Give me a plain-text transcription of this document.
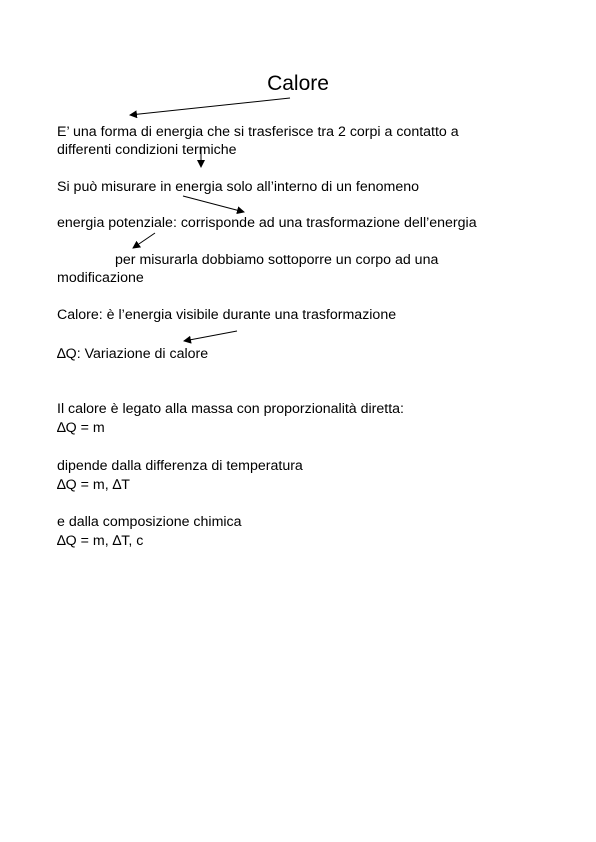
Calore
E’ una forma di energia che si trasferisce tra 2 corpi a contatto a
differenti condizioni termiche
Si può misurare in energia solo all’interno di un fenomeno
energia potenziale: corrisponde ad una trasformazione dell’energia
per misurarla dobbiamo sottoporre un corpo ad una
modificazione
Calore: è l’energia visibile durante una trasformazione
∆Q: Variazione di calore
Il calore è legato alla massa con proporzionalità diretta:
∆Q = m
dipende dalla differenza di temperatura
∆Q = m, ∆T
e dalla composizione chimica
∆Q = m, ∆T, c
